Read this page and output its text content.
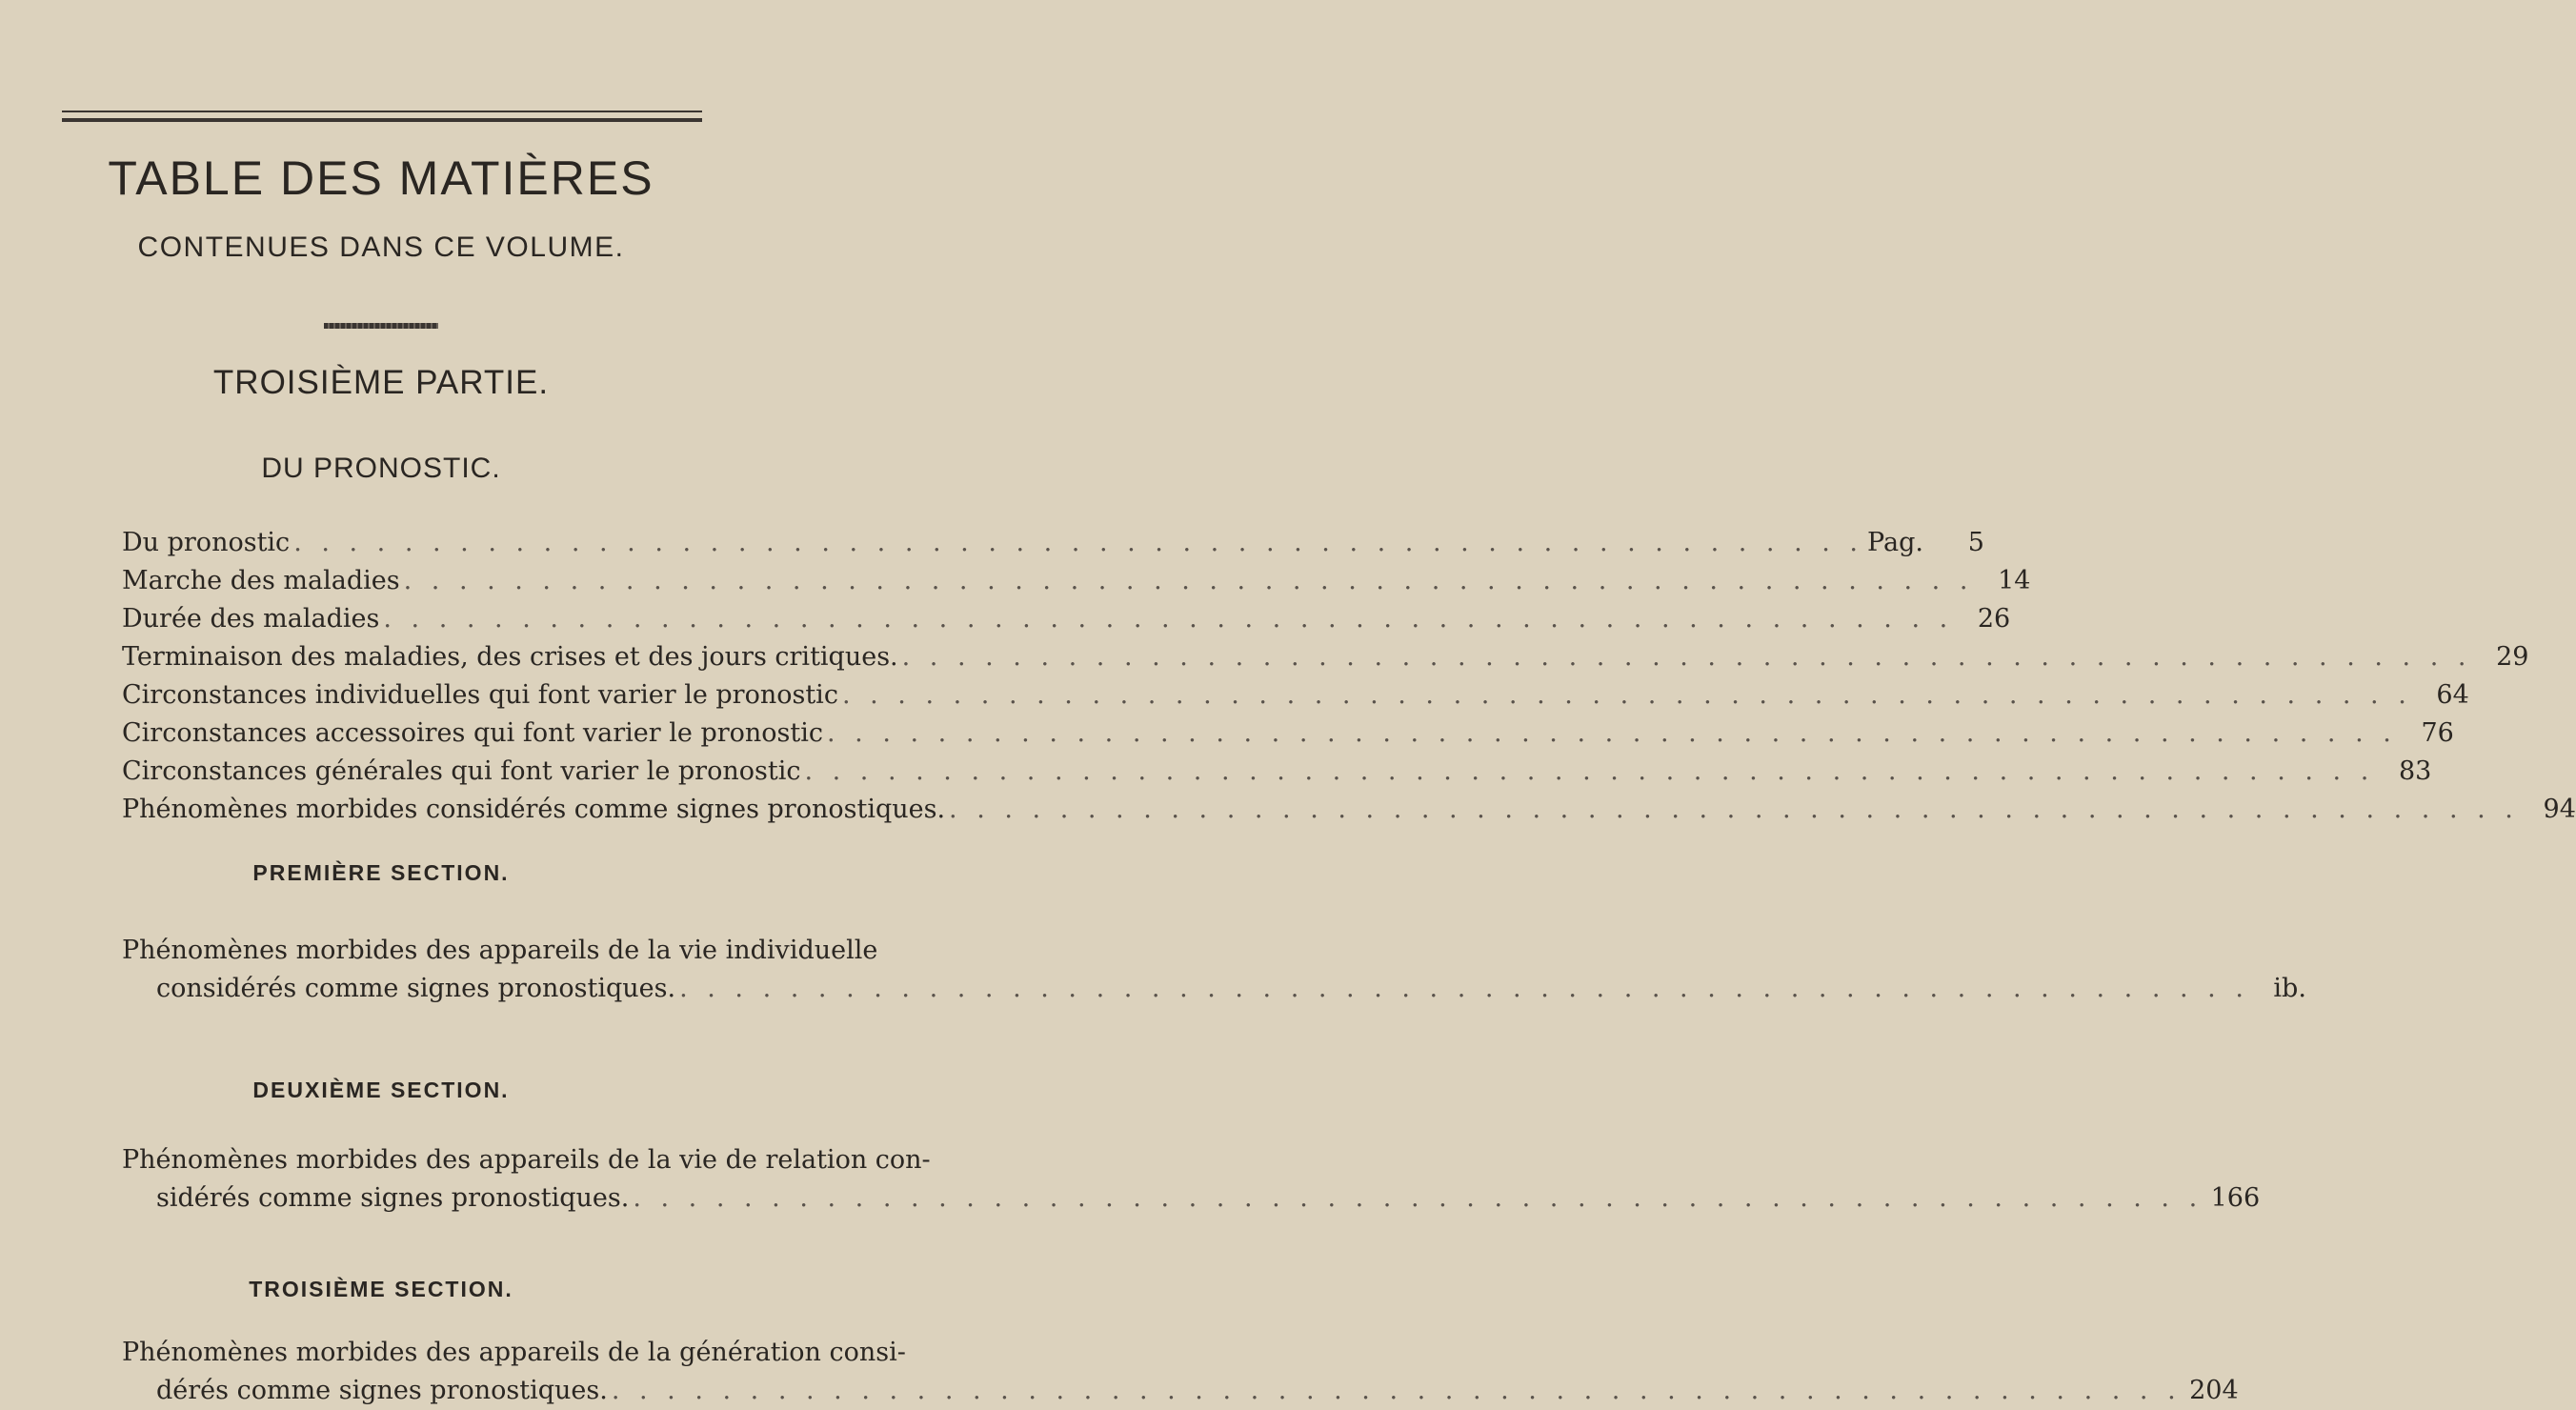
TABLE DES MATIÈRES
CONTENUES DANS CE VOLUME.
TROISIÈME PARTIE.
DU PRONOSTIC.
Du pronostic . . .	Pag.	5
Marche des maladies . . .	14
Durée des maladies . . .	26
Terminaison des maladies, des crises et des jours critiques. . . .	29
Circonstances individuelles qui font varier le pronostic . . .	64
Circonstances accessoires qui font varier le pronostic . . .	76
Circonstances générales qui font varier le pronostic . . .	83
Phénomènes morbides considérés comme signes pronostiques. . . .	94
PREMIÈRE SECTION.
Phénomènes morbides des appareils de la vie individuelle
considérés comme signes pronostiques. . . .	ib.
DEUXIÈME SECTION.
Phénomènes morbides des appareils de la vie de relation con-
sidérés comme signes pronostiques. . . .	166
TROISIÈME SECTION.
Phénomènes morbides des appareils de la génération consi-
dérés comme signes pronostiques. . . .	204
